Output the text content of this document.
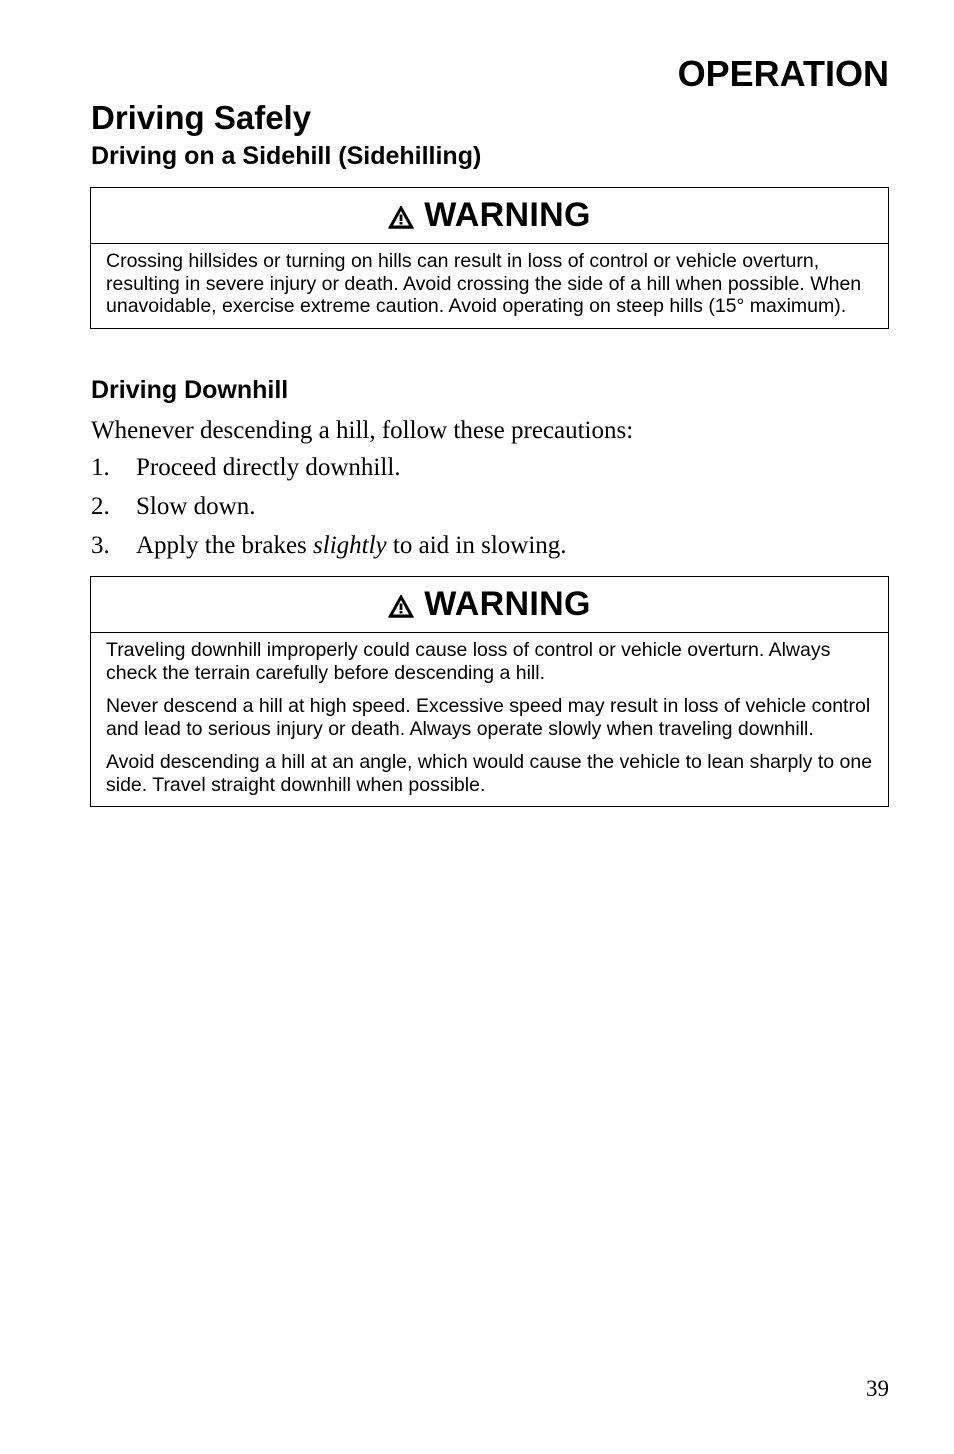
OPERATION
Driving Safely
Driving on a Sidehill (Sidehilling)
WARNING

Crossing hillsides or turning on hills can result in loss of control or vehicle overturn, resulting in severe injury or death. Avoid crossing the side of a hill when possible. When unavoidable, exercise extreme caution. Avoid operating on steep hills (15° maximum).

Driving Downhill

Whenever descending a hill, follow these precautions:

1.	Proceed directly downhill.
2.	Slow down.
3.	Apply the brakes slightly to aid in slowing.
WARNING

Traveling downhill improperly could cause loss of control or vehicle overturn. Always check the terrain carefully before descending a hill.

Never descend a hill at high speed. Excessive speed may result in loss of vehicle control and lead to serious injury or death. Always operate slowly when traveling downhill.

Avoid descending a hill at an angle, which would cause the vehicle to lean sharply to one side. Travel straight downhill when possible.

39
